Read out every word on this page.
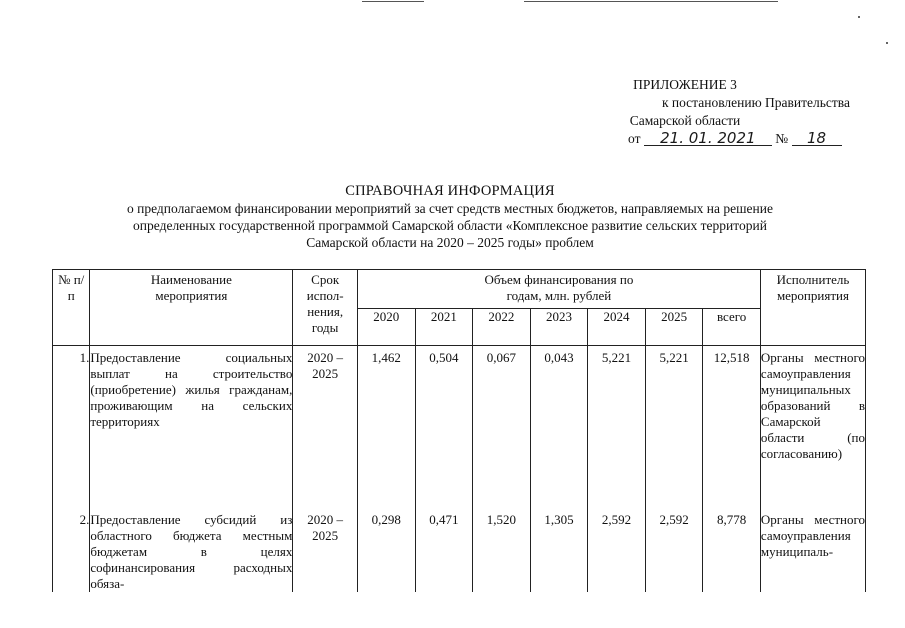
ПРИЛОЖЕНИЕ 3
к постановлению Правительства
Самарской области
от 21. 01. 2021 № 18
СПРАВОЧНАЯ ИНФОРМАЦИЯ
о предполагаемом финансировании мероприятий за счет средств местных бюджетов, направляемых на решение
определенных государственной программой Самарской области «Комплексное развитие сельских территорий
Самарской области на 2020 – 2025 годы» проблем
№ п/п	Наименование мероприятия	Срок испол-нения, годы	Объем финансирования по годам, млн. рублей							Исполнитель мероприятия

			2020	2021	2022	2023	2024	2025	всего	
1.	Предоставление социальных выплат на строительство (приобретение) жилья гражданам, проживающим на сельских территориях	2020 – 2025	1,462	0,504	0,067	0,043	5,221	5,221	12,518	Органы местного самоуправления муниципальных образований в Самарской области (по согласованию)
2.	Предоставление субсидий из областного бюджета местным бюджетам в целях софинансирования расходных обяза-	2020 – 2025	0,298	0,471	1,520	1,305	2,592	2,592	8,778	Органы местного самоуправления муниципаль-
